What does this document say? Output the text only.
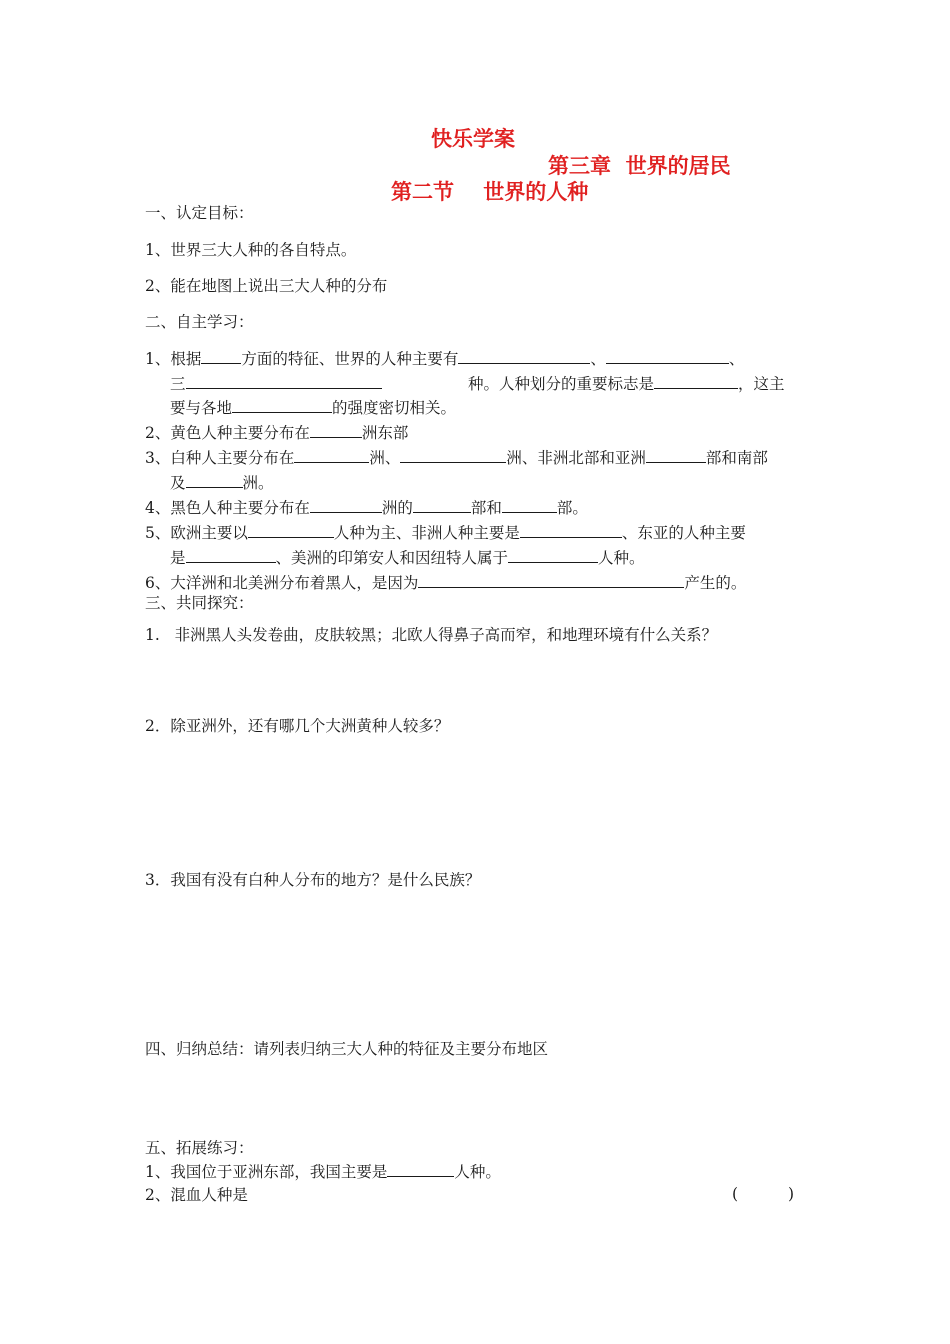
快乐学案
第三章  世界的居民
第二节    世界的人种
一、认定目标：
1、世界三大人种的各自特点。
2、能在地图上说出三大人种的分布
二、自主学习：
1、根据	方面的特征、世界的人种主要有	、	、
三	种。人种划分的重要标志是	，这主
要与各地	的强度密切相关。
2、黄色人种主要分布在	洲东部
3、白种人主要分布在	洲、	洲、非洲北部和亚洲	部和南部
及	洲。
4、黑色人种主要分布在	洲的	部和	部。
5、欧洲主要以	人种为主、非洲人种主要是	、东亚的人种主要
是	、美洲的印第安人和因纽特人属于	人种。
6、大洋洲和北美洲分布着黑人，是因为	产生的。
三、共同探究：
1.   非洲黑人头发卷曲，皮肤较黑；北欧人得鼻子高而窄，和地理环境有什么关系？
2．除亚洲外，还有哪几个大洲黄种人较多？
3．我国有没有白种人分布的地方？是什么民族？
四、归纳总结：请列表归纳三大人种的特征及主要分布地区
五、拓展练习：
1、我国位于亚洲东部，我国主要是	人种。
2、混血人种是	(	)
